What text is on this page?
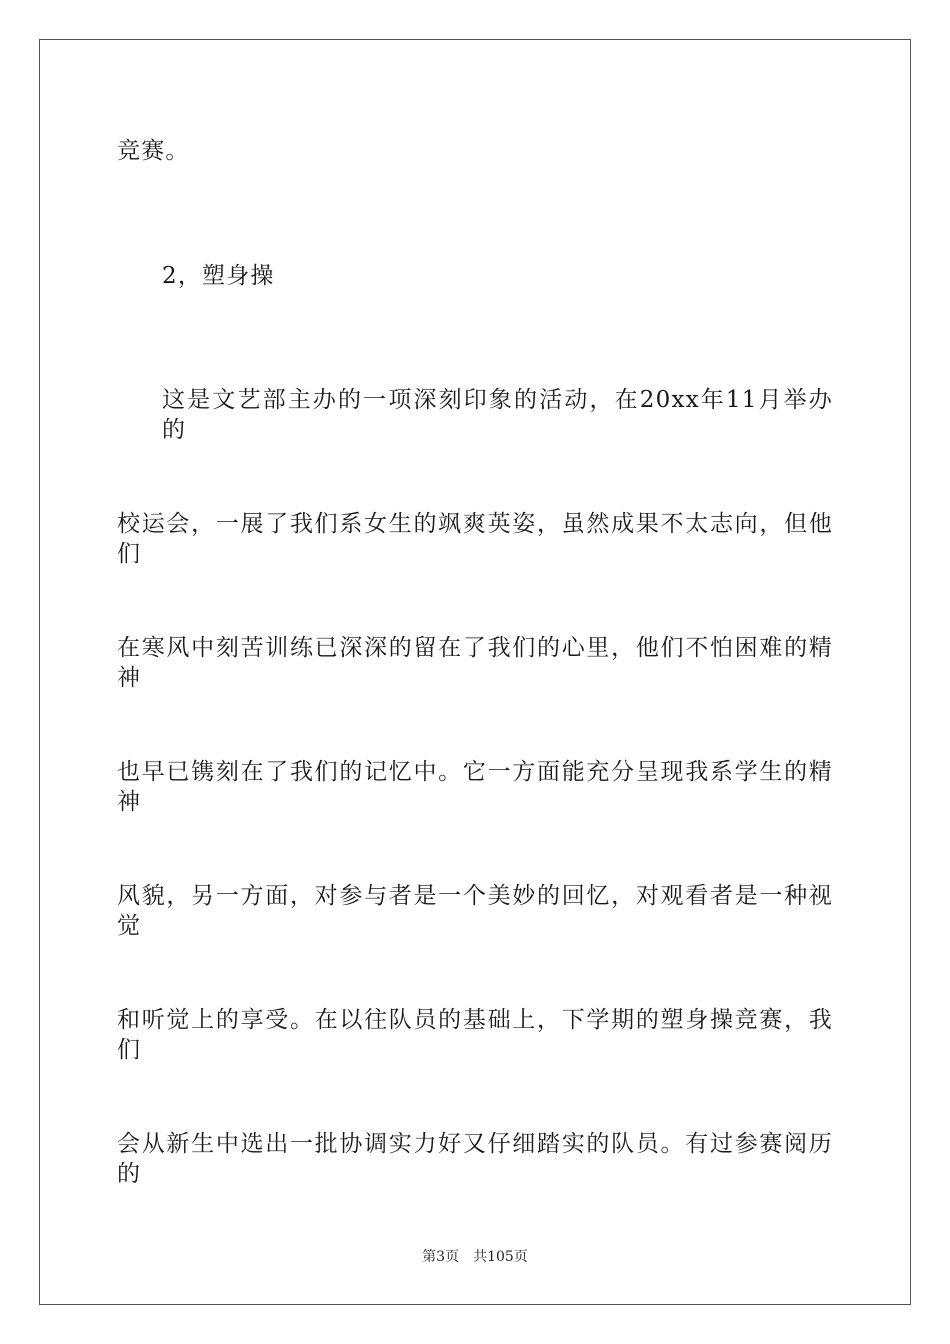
竞赛。
2，塑身操
这是文艺部主办的一项深刻印象的活动，在20xx年11月举办的
校运会，一展了我们系女生的飒爽英姿，虽然成果不太志向，但他们
在寒风中刻苦训练已深深的留在了我们的心里，他们不怕困难的精神
也早已镌刻在了我们的记忆中。它一方面能充分呈现我系学生的精神
风貌，另一方面，对参与者是一个美妙的回忆，对观看者是一种视觉
和听觉上的享受。在以往队员的基础上，下学期的塑身操竞赛，我们
会从新生中选出一批协调实力好又仔细踏实的队员。有过参赛阅历的
第3页 共105页
